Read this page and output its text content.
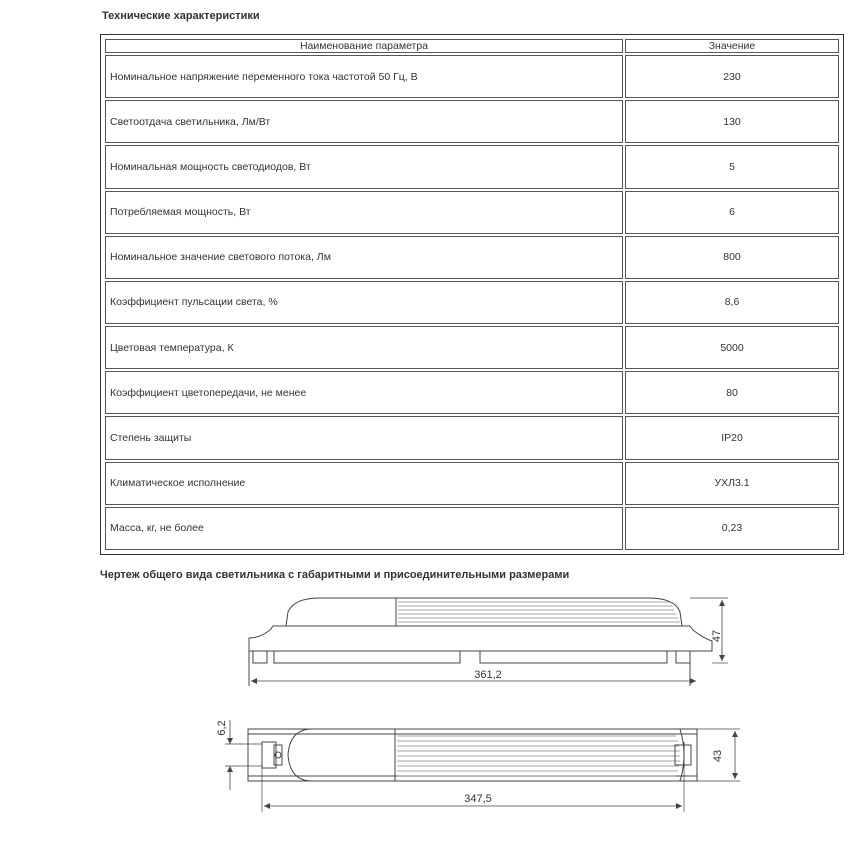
Технические характеристики
Наименование параметра	Значение
Номинальное напряжение переменного тока частотой 50 Гц, В	230
Светоотдача светильника, Лм/Вт	130
Номинальная мощность светодиодов, Вт	5
Потребляемая мощность, Вт	6
Номинальное значение светового потока, Лм	800
Коэффициент пульсации света, %	8,6
Цветовая температура, К	5000
Коэффициент цветопередачи, не менее	80
Степень защиты	IP20
Климатическое исполнение	УХЛ3.1
Масса, кг, не более	0,23
Чертеж общего вида светильника с габаритными и присоединительными размерами
47
361,2
6,2
43
347,5
